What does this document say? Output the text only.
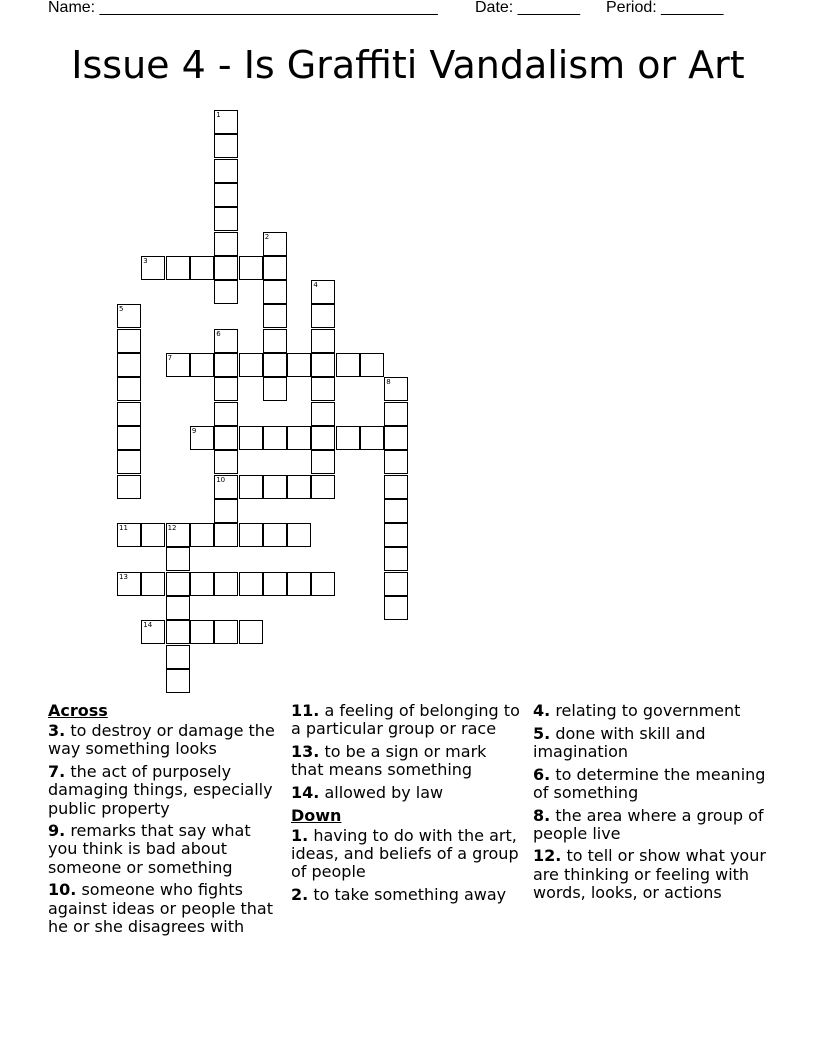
Name: ______________________________________ Date: _______ Period: _______
Issue 4 - Is Graffiti Vandalism or Art
1
2
3
4
5
6
10
7
8
9
11	12
13
14
Across
3. to destroy or damage the way something looks
7. the act of purposely damaging things, especially public property
9. remarks that say what you think is bad about someone or something
10. someone who fights against ideas or people that he or she disagrees with
11. a feeling of belonging to a particular group or race
13. to be a sign or mark that means something
14. allowed by law
Down
1. having to do with the art, ideas, and beliefs of a group of people
2. to take something away
4. relating to government
5. done with skill and imagination
6. to determine the meaning of something
8. the area where a group of people live
12. to tell or show what your are thinking or feeling with words, looks, or actions
